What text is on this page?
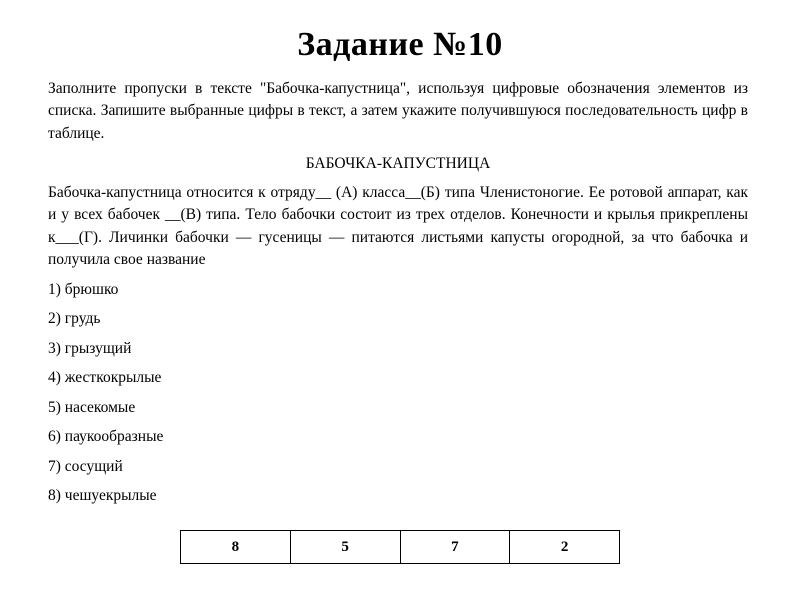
Задание №10

Заполните пропуски в тексте "Бабочка-капустница", используя цифровые обозначения элементов из списка. Запишите выбранные цифры в текст, а затем укажите получившуюся последовательность цифр в таблице.

БАБОЧКА-КАПУСТНИЦА

Бабочка-капустница относится к отряду__ (А) класса__(Б) типа Членистоногие. Ее ротовой аппарат, как и у всех бабочек __(В) типа. Тело бабочки состоит из трех отделов. Конечности и крылья прикреплены к___(Г). Личинки бабочки — гусеницы — питаются листьями капусты огородной, за что бабочка и получила свое название

1) брюшко
2) грудь
3) грызущий
4) жесткокрылые
5) насекомые
6) паукообразные
7) сосущий
8) чешуекрылые
8	5	7	2
